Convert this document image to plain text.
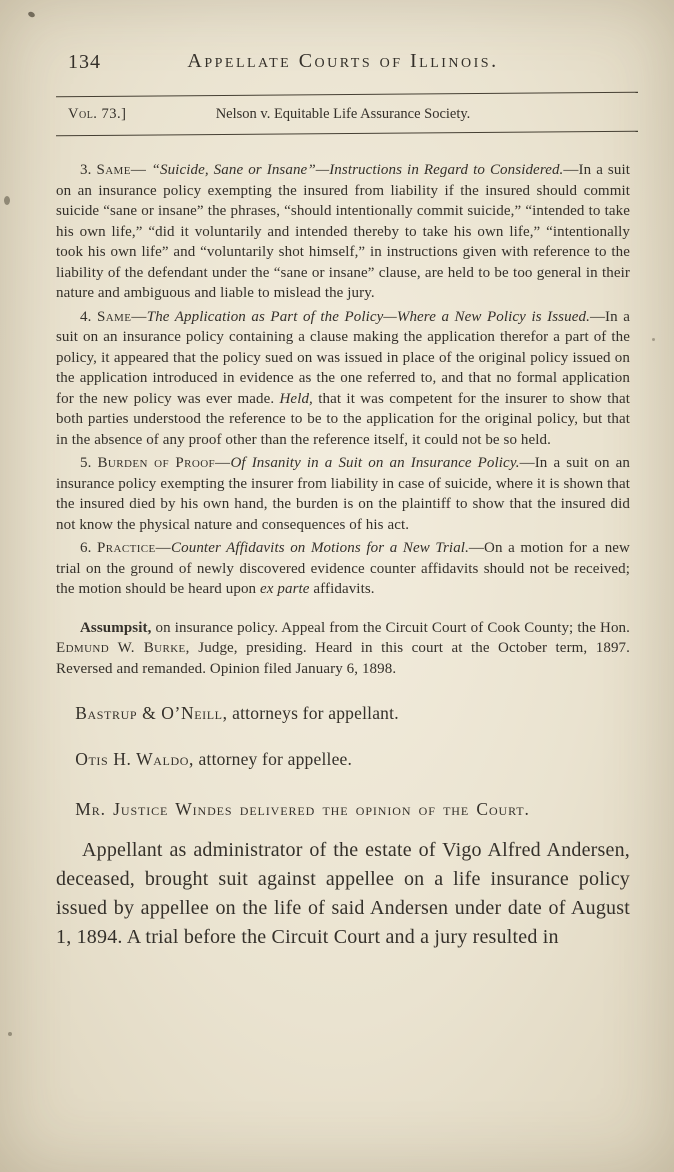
134	Appellate Courts of Illinois.
Vol. 73.]	Nelson v. Equitable Life Assurance Society.

3. Same— “Suicide, Sane or Insane”—Instructions in Regard to Considered.—In a suit on an insurance policy exempting the insured from liability if the insured should commit suicide “sane or insane” the phrases, “should intentionally commit suicide,” “intended to take his own life,” “did it voluntarily and intended thereby to take his own life,” “intentionally took his own life” and “voluntarily shot himself,” in instructions given with reference to the liability of the defendant under the “sane or insane” clause, are held to be too general in their nature and ambiguous and liable to mislead the jury.

4. Same—The Application as Part of the Policy—Where a New Policy is Issued.—In a suit on an insurance policy containing a clause making the application therefor a part of the policy, it appeared that the policy sued on was issued in place of the original policy issued on the application introduced in evidence as the one referred to, and that no formal application for the new policy was ever made. Held, that it was competent for the insurer to show that both parties understood the reference to be to the application for the original policy, but that in the absence of any proof other than the reference itself, it could not be so held.

5. Burden of Proof—Of Insanity in a Suit on an Insurance Policy.—In a suit on an insurance policy exempting the insurer from liability in case of suicide, where it is shown that the insured died by his own hand, the burden is on the plaintiff to show that the insured did not know the physical nature and consequences of his act.

6. Practice—Counter Affidavits on Motions for a New Trial.—On a motion for a new trial on the ground of newly discovered evidence counter affidavits should not be received; the motion should be heard upon ex parte affidavits.

Assumpsit, on insurance policy. Appeal from the Circuit Court of Cook County; the Hon. Edmund W. Burke, Judge, presiding. Heard in this court at the October term, 1897. Reversed and remanded. Opinion filed January 6, 1898.

Bastrup & O’Neill, attorneys for appellant.

Otis H. Waldo, attorney for appellee.

Mr. Justice Windes delivered the opinion of the Court.

Appellant as administrator of the estate of Vigo Alfred Andersen, deceased, brought suit against appellee on a life insurance policy issued by appellee on the life of said Andersen under date of August 1, 1894. A trial before the Circuit Court and a jury resulted in
